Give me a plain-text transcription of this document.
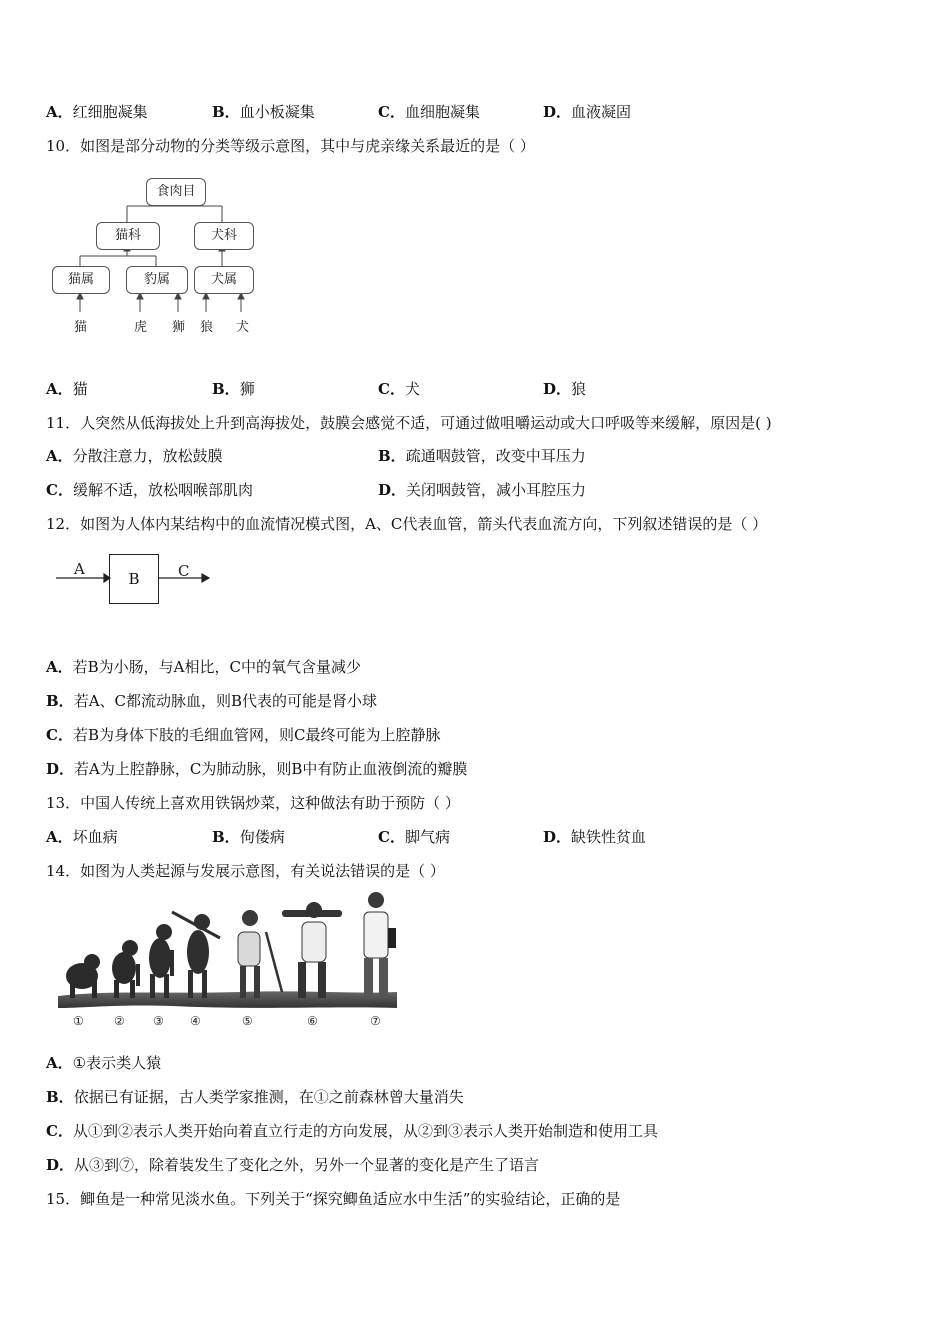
A．红细胞凝集	B．血小板凝集	C．血细胞凝集	D．血液凝固
10．如图是部分动物的分类等级示意图，其中与虎亲缘关系最近的是（ ）
食肉目
猫科	犬科
猫属	豹属	犬属
猫	虎 狮 狼 犬
A．猫	B．狮	C．犬	D．狼
11．人突然从低海拔处上升到高海拔处，鼓膜会感觉不适，可通过做咀嚼运动或大口呼吸等来缓解，原因是( )
A．分散注意力，放松鼓膜	B．疏通咽鼓管，改变中耳压力
C．缓解不适，放松咽喉部肌肉	D．关闭咽鼓管，减小耳腔压力
12．如图为人体内某结构中的血流情况模式图，A、C代表血管，箭头代表血流方向，下列叙述错误的是（ ）
A
B	C
A．若B为小肠，与A相比，C中的氧气含量减少
B．若A、C都流动脉血，则B代表的可能是肾小球
C．若B为身体下肢的毛细血管网，则C最终可能为上腔静脉
D．若A为上腔静脉，C为肺动脉，则B中有防止血液倒流的瓣膜
13．中国人传统上喜欢用铁锅炒菜，这种做法有助于预防（ ）
A．坏血病	B．佝偻病	C．脚气病	D．缺铁性贫血
14．如图为人类起源与发展示意图，有关说法错误的是（ ）
①	② ③ ④	⑤	⑥	⑦
A．①表示类人猿
B．依据已有证据，古人类学家推测，在①之前森林曾大量消失
C．从①到②表示人类开始向着直立行走的方向发展，从②到③表示人类开始制造和使用工具
D．从③到⑦，除着装发生了变化之外，另外一个显著的变化是产生了语言
15．鲫鱼是一种常见淡水鱼。下列关于“探究鲫鱼适应水中生活”的实验结论，正确的是
